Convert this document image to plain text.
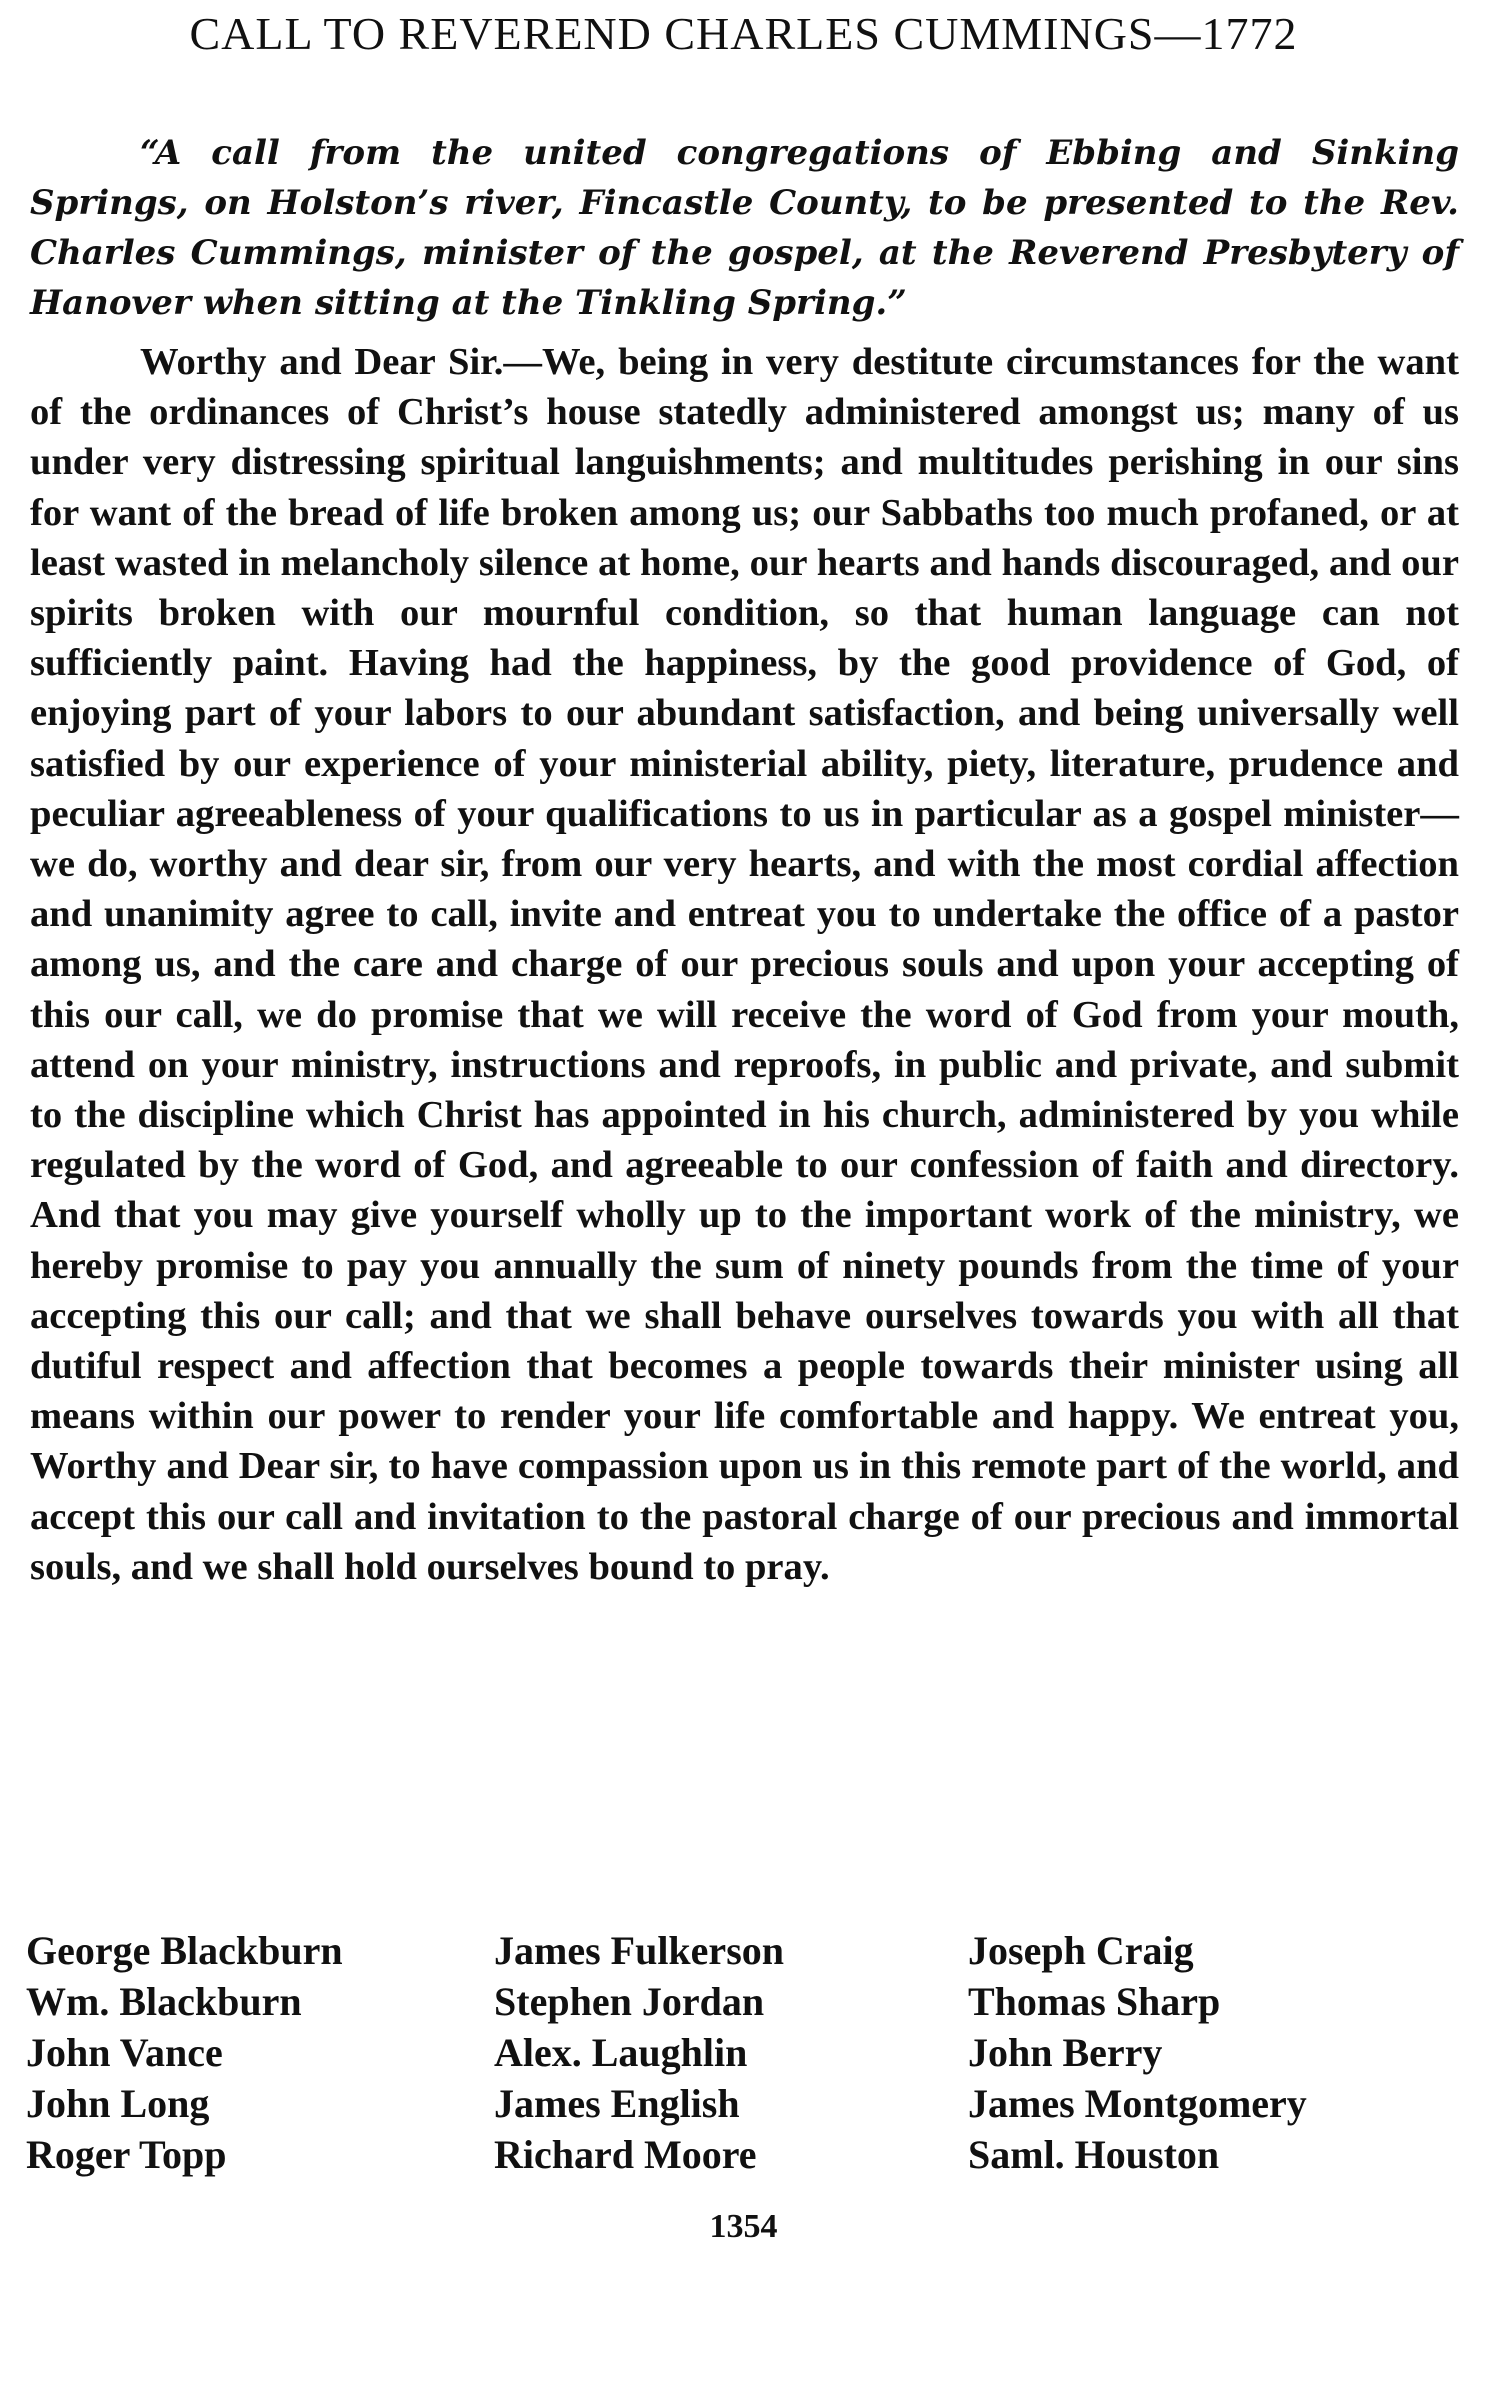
CALL TO REVEREND CHARLES CUMMINGS—1772

“A call from the united congregations of Ebbing and Sinking Springs, on Holston’s river, Fincastle County, to be presented to the Rev. Charles Cummings, minister of the gospel, at the Reverend Presbytery of Hanover when sitting at the Tinkling Spring.”

Worthy and Dear Sir.—We, being in very destitute circumstances for the want of the ordinances of Christ’s house statedly administered amongst us; many of us under very distressing spiritual languishments; and multitudes perishing in our sins for want of the bread of life broken among us; our Sabbaths too much profaned, or at least wasted in melancholy silence at home, our hearts and hands discouraged, and our spirits broken with our mournful condition, so that human language can not sufficiently paint. Having had the happiness, by the good providence of God, of enjoying part of your labors to our abundant satisfaction, and being universally well satisfied by our experience of your ministerial ability, piety, literature, prudence and peculiar agreeableness of your qualifications to us in particular as a gospel minister—we do, worthy and dear sir, from our very hearts, and with the most cordial affection and unanimity agree to call, invite and entreat you to undertake the office of a pastor among us, and the care and charge of our precious souls and upon your accepting of this our call, we do promise that we will receive the word of God from your mouth, attend on your ministry, instructions and reproofs, in public and private, and submit to the discipline which Christ has appointed in his church, administered by you while regulated by the word of God, and agreeable to our confession of faith and directory. And that you may give yourself wholly up to the important work of the ministry, we hereby promise to pay you annually the sum of ninety pounds from the time of your accepting this our call; and that we shall behave ourselves towards you with all that dutiful respect and affection that becomes a people towards their minister using all means within our power to render your life comfortable and happy. We entreat you, Worthy and Dear sir, to have compassion upon us in this remote part of the world, and accept this our call and invitation to the pastoral charge of our precious and immortal souls, and we shall hold ourselves bound to pray.

George Blackburn
Wm. Blackburn
John Vance
John Long
Roger Topp
James Fulkerson
Stephen Jordan
Alex. Laughlin
James English
Richard Moore
Joseph Craig
Thomas Sharp
John Berry
James Montgomery
Saml. Houston

1354
